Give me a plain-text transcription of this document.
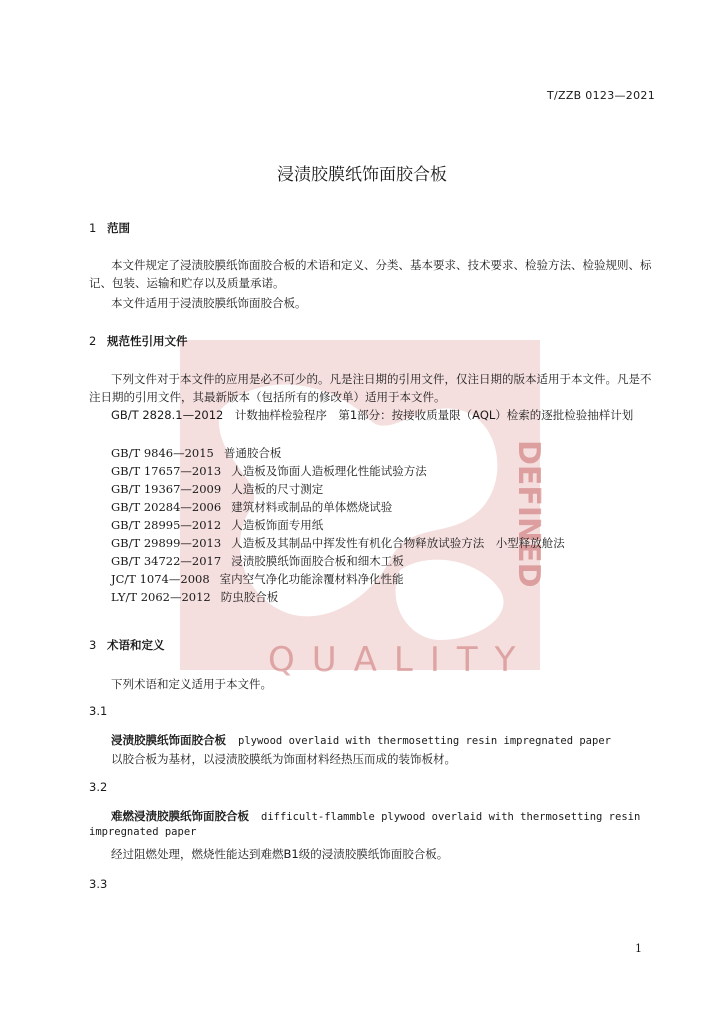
DEFINED
QUALITY
T/ZZB 0123—2021
浸渍胶膜纸饰面胶合板
1 范围
本文件规定了浸渍胶膜纸饰面胶合板的术语和定义、分类、基本要求、技术要求、检验方法、检验规则、标记、包装、运输和贮存以及质量承诺。
本文件适用于浸渍胶膜纸饰面胶合板。
2 规范性引用文件
下列文件对于本文件的应用是必不可少的。凡是注日期的引用文件，仅注日期的版本适用于本文件。凡是不注日期的引用文件，其最新版本（包括所有的修改单）适用于本文件。
GB/T 2828.1—2012　计数抽样检验程序　第1部分：按接收质量限（AQL）检索的逐批检验抽样计划
GB/T 9846—2015 普通胶合板
GB/T 17657—2013 人造板及饰面人造板理化性能试验方法
GB/T 19367—2009 人造板的尺寸测定
GB/T 20284—2006 建筑材料或制品的单体燃烧试验
GB/T 28995—2012 人造板饰面专用纸
GB/T 29899—2013 人造板及其制品中挥发性有机化合物释放试验方法　小型释放舱法
GB/T 34722—2017 浸渍胶膜纸饰面胶合板和细木工板
JC/T 1074—2008 室内空气净化功能涂覆材料净化性能
LY/T 2062—2012 防虫胶合板
3 术语和定义
下列术语和定义适用于本文件。
3.1
浸渍胶膜纸饰面胶合板 plywood overlaid with thermosetting resin impregnated paper
以胶合板为基材，以浸渍胶膜纸为饰面材料经热压而成的装饰板材。
3.2
难燃浸渍胶膜纸饰面胶合板 difficult-flammble plywood overlaid with thermosetting resin
impregnated paper
经过阻燃处理，燃烧性能达到难燃B1级的浸渍胶膜纸饰面胶合板。
3.3
1
